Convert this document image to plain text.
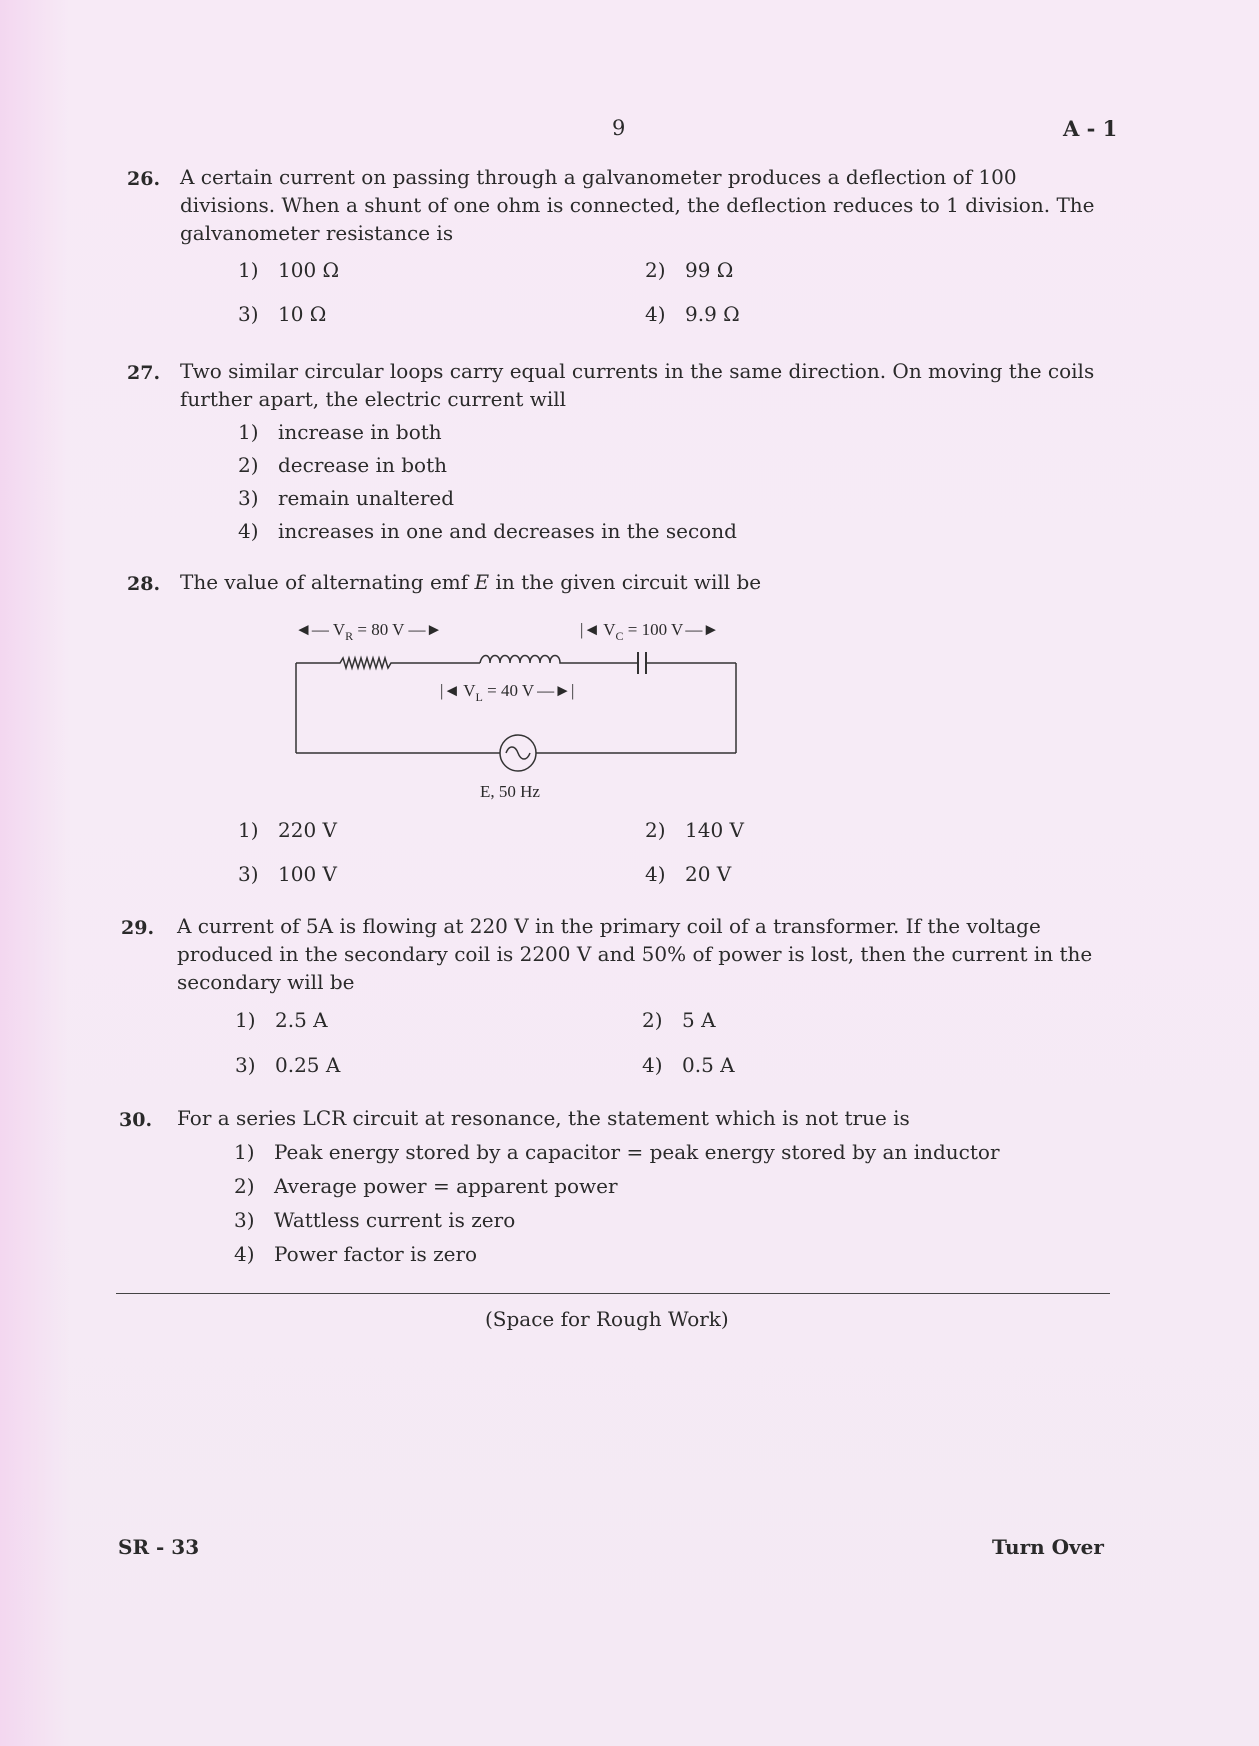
9	A - 1
26. A certain current on passing through a galvanometer produces a deflection of 100 divisions. When a shunt of one ohm is connected, the deflection reduces to 1 division. The galvanometer resistance is
1) 100 Ω	2) 99 Ω
3) 10 Ω	4) 9.9 Ω
27. Two similar circular loops carry equal currents in the same direction. On moving the coils further apart, the electric current will
1) increase in both
2) decrease in both
3) remain unaltered
4) increases in one and decreases in the second
28. The value of alternating emf E in the given circuit will be
◄— $V_R = 80$ V —►	|◄ $V_C = 100$ V —►
|◄ $V_L = 40$ V —►|
E, 50 Hz
1) 220 V	2) 140 V
3) 100 V	4) 20 V
29. A current of 5A is flowing at 220 V in the primary coil of a transformer. If the voltage produced in the secondary coil is 2200 V and 50% of power is lost, then the current in the secondary will be
1) 2.5 A	2) 5 A
3) 0.25 A	4) 0.5 A
30. For a series LCR circuit at resonance, the statement which is not true is
1) Peak energy stored by a capacitor = peak energy stored by an inductor
2) Average power = apparent power
3) Wattless current is zero
4) Power factor is zero
(Space for Rough Work)
SR - 33	Turn Over
